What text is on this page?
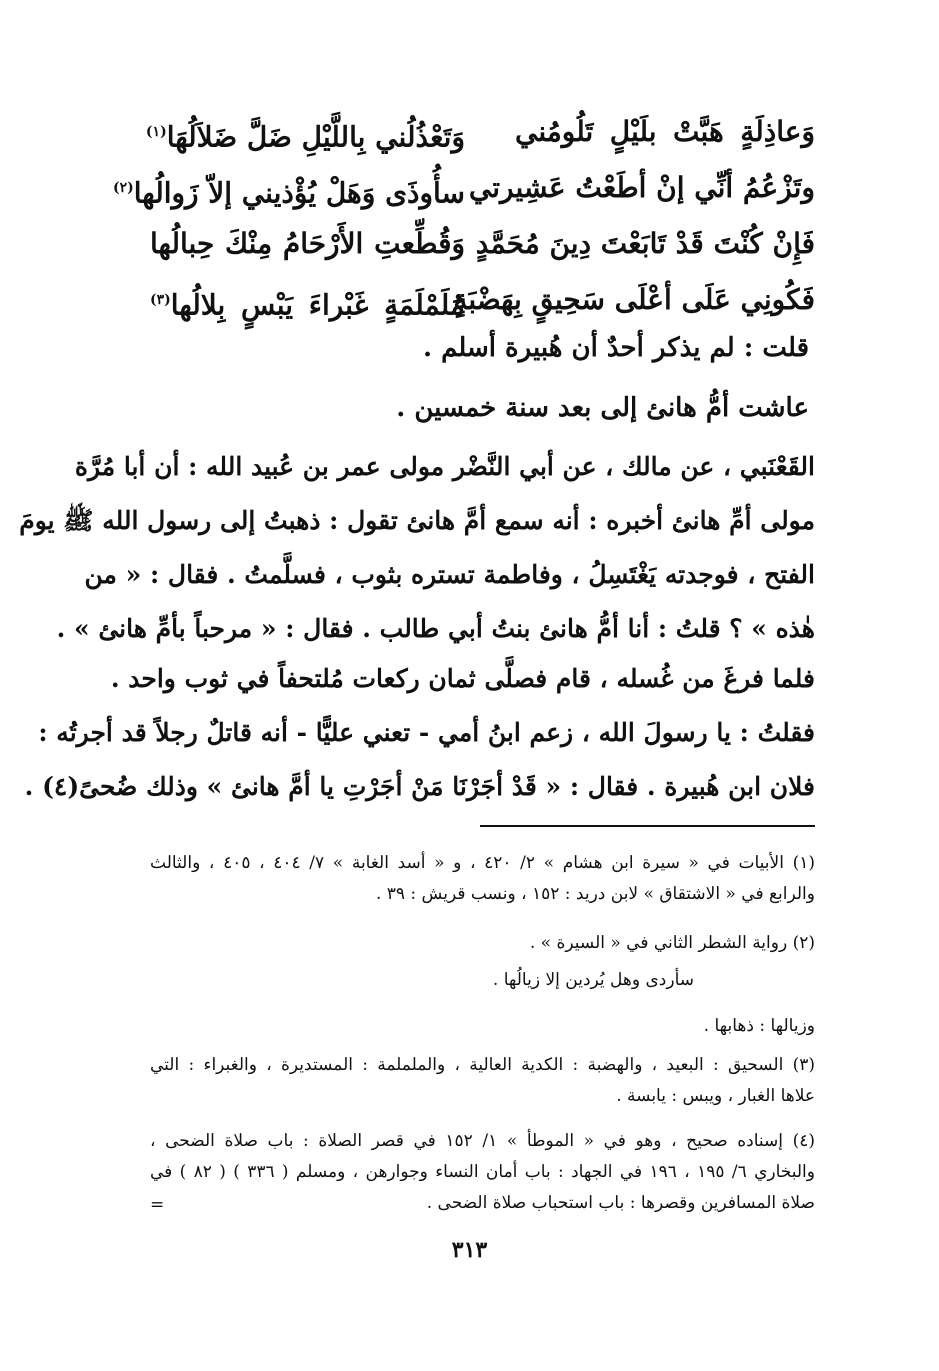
وَعاذِلَةٍ هَبَّتْ بلَيْلٍ تَلُومُني
وَتَعْذُلُني بِاللَّيْلِ ضَلَّ ضَلاَلُهَا$^{(١)}$
وتَزْعُمُ أنِّي إنْ أطَعْتُ عَشِيرتي
سأُوذَى وَهَلْ يُؤْذيني إلاّ زَوالُها$^{(٢)}$
فَإِنْ كُنْتَ قَدْ تَابَعْتَ دِينَ مُحَمَّدٍ
وَقُطِّعتِ الأَرْحَامُ مِنْكَ حِبالُها
فَكُونِي عَلَى أعْلَى سَحِيقٍ بِهَضْبَةٍ
مُلَمْلَمَةٍ غَبْراءَ يَبْسٍ بِلالُها$^{(٣)}$
قلت : لم يذكر أحدٌ أن هُبيرة أسلم .
عاشت أمُّ هانئ إلى بعد سنة خمسين .
القَعْنَبي ، عن مالك ، عن أبي النَّضْر مولى عمر بن عُبيد الله : أن أبا مُرَّة
مولى أمِّ هانئ أخبره : أنه سمع أمَّ هانئ تقول : ذهبتُ إلى رسول الله ﷺ يومَ
الفتح ، فوجدته يَغْتَسِلُ ، وفاطمة تستره بثوب ، فسلَّمتُ . فقال : « من
هٰذه » ؟ قلتُ : أنا أمُّ هانئ بنتُ أبي طالب . فقال : « مرحباً بأمِّ هانئ » .
فلما فرغَ من غُسله ، قام فصلَّى ثمان ركعات مُلتحفاً في ثوب واحد .
فقلتُ : يا رسولَ الله ، زعم ابنُ أمي - تعني عليًّا - أنه قاتلٌ رجلاً قد أجرتُه :
فلان ابن هُبيرة . فقال : « قَدْ أجَرْنَا مَنْ أجَرْتِ يا أمَّ هانئ » وذلك ضُحىً(٤) .
(١) الأبيات في « سيرة ابن هشام » ٢/ ٤٢٠ ، و « أسد الغابة » ٧/ ٤٠٤ ، ٤٠٥ ، والثالث
والرابع في « الاشتقاق » لابن دريد : ١٥٢ ، ونسب قريش : ٣٩ .
(٢) رواية الشطر الثاني في « السيرة » .
سأردى وهل يُردين إلا زيالُها .
وزيالها : ذهابها .
(٣) السحيق : البعيد ، والهضبة : الكدية العالية ، والململمة : المستديرة ، والغبراء : التي
علاها الغبار ، ويبس : يابسة .
(٤) إسناده صحيح ، وهو في « الموطأ » ١/ ١٥٢ في قصر الصلاة : باب صلاة الضحى ،
والبخاري ٦/ ١٩٥ ، ١٩٦ في الجهاد : باب أمان النساء وجوارهن ، ومسلم ( ٣٣٦ ) ( ٨٢ ) في
صلاة المسافرين وقصرها : باب استحباب صلاة الضحى .
=
٣١٣
